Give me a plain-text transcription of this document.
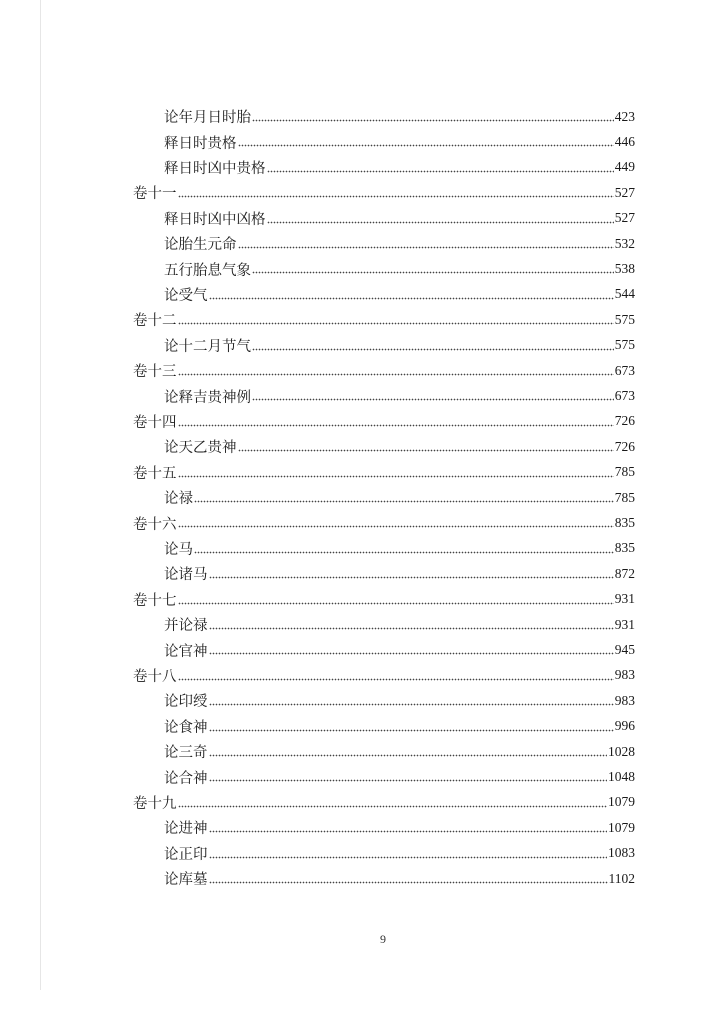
论年月日时胎	423
释日时贵格	446
释日时凶中贵格	449
卷十一	527
释日时凶中凶格	527
论胎生元命	532
五行胎息气象	538
论受气	544
卷十二	575
论十二月节气	575
卷十三	673
论释吉贵神例	673
卷十四	726
论天乙贵神	726
卷十五	785
论禄	785
卷十六	835
论马	835
论诸马	872
卷十七	931
并论禄	931
论官神	945
卷十八	983
论印绶	983
论食神	996
论三奇	1028
论合神	1048
卷十九	1079
论进神	1079
论正印	1083
论库墓	1102
9
